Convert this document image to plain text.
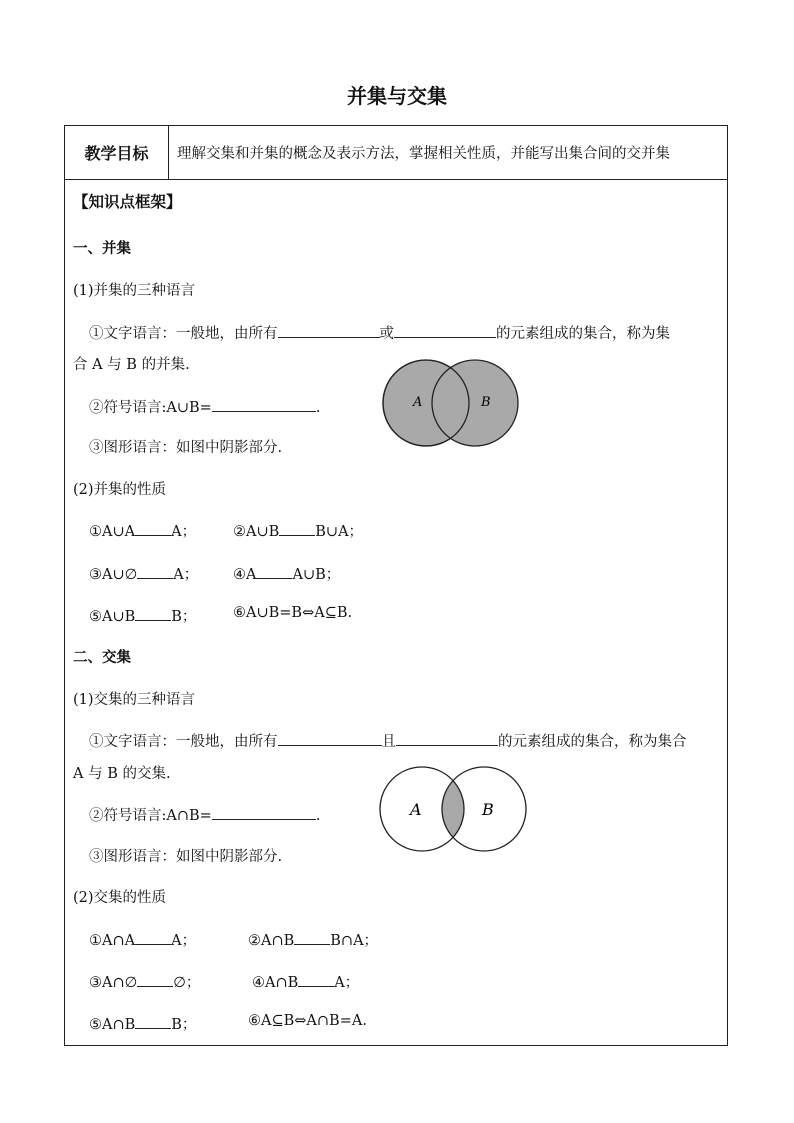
并集与交集
教学目标	理解交集和并集的概念及表示方法，掌握相关性质，并能写出集合间的交并集
【知识点框架】
一、并集
(1)并集的三种语言
①文字语言：一般地，由所有	或	的元素组成的集合，称为集
合 A 与 B 的并集.
②符号语言:A∪B=	.
③图形语言：如图中阴影部分.
A	B
(2)并集的性质
①A∪A A；	②A∪B B∪A；
③A∪∅ A； ④A A∪B；
⑤A∪B B；	⑥A∪B=B⇔A⊆B.
二、交集
(1)交集的三种语言
①文字语言：一般地，由所有	且	的元素组成的集合，称为集合
A 与 B 的交集.
②符号语言:A∩B=	.
③图形语言：如图中阴影部分.
A	B
(2)交集的性质
①A∩A A；	②A∩B B∩A；
③A∩∅ ∅；	④A∩B A；
⑤A∩B B；	⑥A⊆B⇔A∩B=A.
